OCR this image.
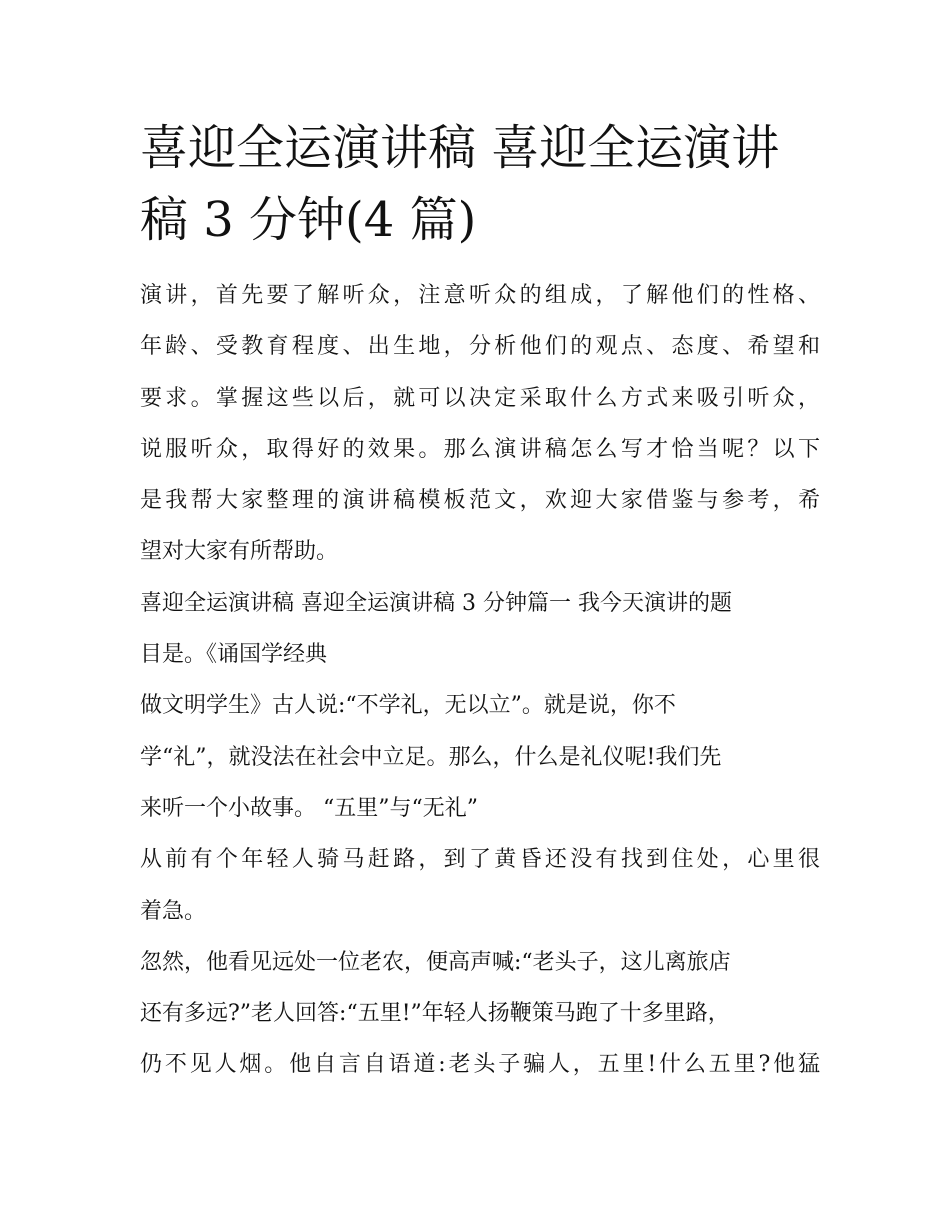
喜迎全运演讲稿 喜迎全运演讲
稿 3 分钟(4 篇)
演讲，首先要了解听众，注意听众的组成，了解他们的性格、
年龄、受教育程度、出生地，分析他们的观点、态度、希望和
要求。掌握这些以后，就可以决定采取什么方式来吸引听众，
说服听众，取得好的效果。那么演讲稿怎么写才恰当呢？以下
是我帮大家整理的演讲稿模板范文，欢迎大家借鉴与参考，希
望对大家有所帮助。
喜迎全运演讲稿 喜迎全运演讲稿 3 分钟篇一 我今天演讲的题
目是。《诵国学经典
做文明学生》古人说:“不学礼，无以立”。就是说，你不
学“礼”，就没法在社会中立足。那么，什么是礼仪呢!我们先
来听一个小故事。 “五里”与“无礼”
从前有个年轻人骑马赶路，到了黄昏还没有找到住处，心里很
着急。
忽然，他看见远处一位老农，便高声喊:“老头子，这儿离旅店
还有多远?”老人回答:“五里!”年轻人扬鞭策马跑了十多里路，
仍不见人烟。他自言自语道:老头子骗人，五里!什么五里?他猛
